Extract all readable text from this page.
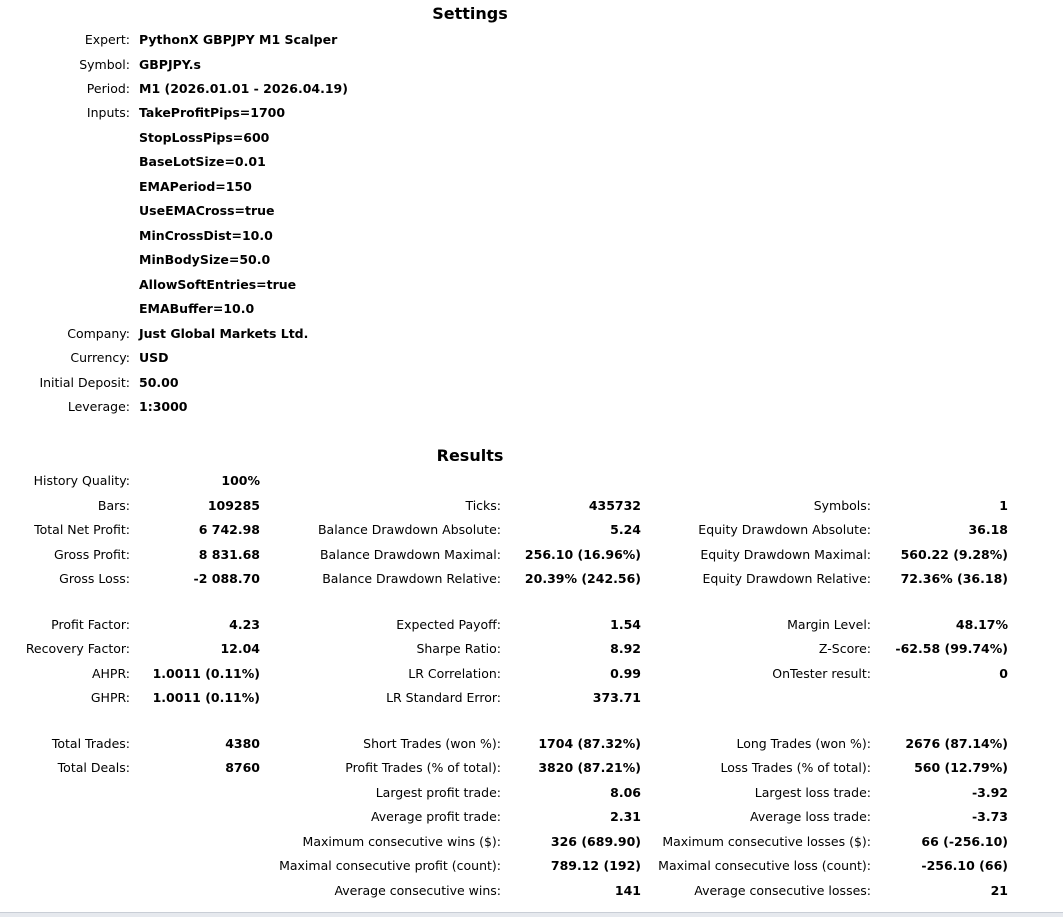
Settings
Expert: PythonX GBPJPY M1 Scalper
Symbol: GBPJPY.s
Period: M1 (2026.01.01 - 2026.04.19)
Inputs: TakeProfitPips=1700
StopLossPips=600
BaseLotSize=0.01
EMAPeriod=150
UseEMACross=true
MinCrossDist=10.0
MinBodySize=50.0
AllowSoftEntries=true
EMABuffer=10.0
Company: Just Global Markets Ltd.
Currency: USD
Initial Deposit: 50.00
Leverage: 1:3000
Results
History Quality:	100%
Bars:	109285	Ticks:	435732	Symbols:	1
Total Net Profit:	6 742.98	Balance Drawdown Absolute:	5.24	Equity Drawdown Absolute:	36.18
Gross Profit:	8 831.68	Balance Drawdown Maximal: 256.10 (16.96%)	Equity Drawdown Maximal: 560.22 (9.28%)
Gross Loss:	-2 088.70	Balance Drawdown Relative: 20.39% (242.56)	Equity Drawdown Relative: 72.36% (36.18)
Profit Factor:	4.23	Expected Payoff:	1.54	Margin Level:	48.17%
Recovery Factor:	12.04	Sharpe Ratio:	8.92	Z-Score: -62.58 (99.74%)
AHPR: 1.0011 (0.11%)	LR Correlation:	0.99	OnTester result:	0
GHPR: 1.0011 (0.11%)	LR Standard Error:	373.71
Total Trades:	4380	Short Trades (won %):	1704 (87.32%)	Long Trades (won %):	2676 (87.14%)
Total Deals:	8760	Profit Trades (% of total):	3820 (87.21%)	Loss Trades (% of total):	560 (12.79%)
Largest profit trade:	8.06	Largest loss trade:	-3.92
Average profit trade:	2.31	Average loss trade:	-3.73
Maximum consecutive wins ($):	326 (689.90) Maximum consecutive losses ($):	66 (-256.10)
Maximal consecutive profit (count):	789.12 (192) Maximal consecutive loss (count):	-256.10 (66)
Average consecutive wins:	141	Average consecutive losses:	21
